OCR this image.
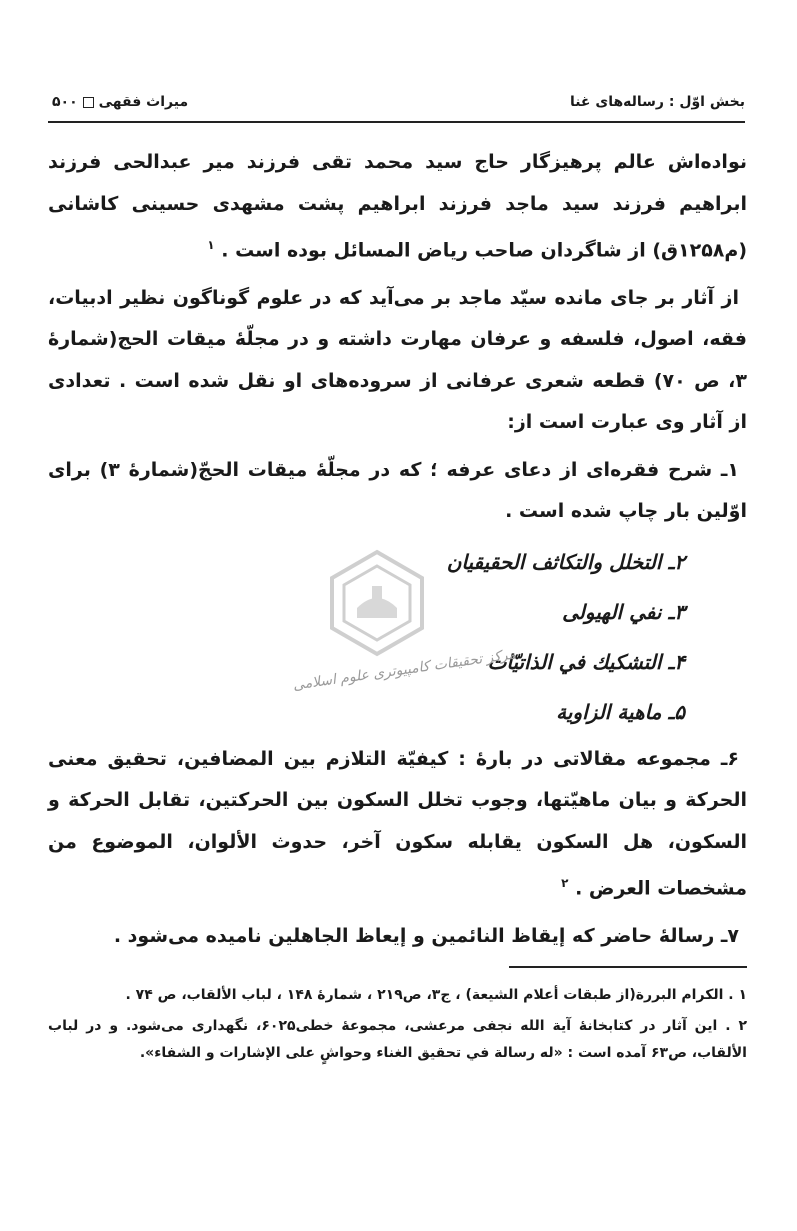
بخش اوّل : رساله‌های غنا
۵۰۰ میراث فقهی

نواده‌اش عالم پرهیزگار حاج سید محمد تقی فرزند میر عبدالحی فرزند ابراهیم فرزند سید ماجد فرزند ابراهیم پشت مشهدی حسینی کاشانی (م۱۲۵۸ق) از شاگردان صاحب ریاض المسائل بوده است . $^۱$

از آثار بر جای مانده سیّد ماجد بر می‌آید که در علوم گوناگون نظیر ادبیات، فقه، اصول، فلسفه و عرفان مهارت داشته و در مجلّهٔ میقات الحج(شمارهٔ ۳، ص ۷۰) قطعه شعری عرفانی از سروده‌های او نقل شده است . تعدادی از آثار وی عبارت است از:

۱ـ شرح فقره‌ای از دعای عرفه ؛ که در مجلّهٔ میقات الحجّ(شمارهٔ ۳) برای اوّلین بار چاپ شده است .

۲ـ التخلل والتكاثف الحقيقيان

۳ـ نفي الهيولى

۴ـ التشكيك في الذاتيّات

۵ـ ماهية الزاوية

۶ـ مجموعه مقالاتی در بارهٔ : كيفيّة التلازم بين المضافين، تحقيق معنى الحركة و بيان ماهيّتها، وجوب تخلل السكون بين الحركتين، تقابل الحركة و السكون، هل السكون يقابله سكون آخر، حدوث الألوان، الموضوع من مشخصات العرض . $^۲$

۷ـ رسالهٔ حاضر که إيقاظ النائمين و إيعاظ الجاهلين نامیده می‌شود .

مرکز تحقیقات کامپیوتری علوم اسلامی

۱ . الكرام البررة(از طبقات أعلام الشيعة) ، ج۳، ص۲۱۹ ، شمارهٔ ۱۴۸ ، لباب الألقاب، ص ۷۴ .

۲ . این آثار در کتابخانهٔ آیة الله نجفی مرعشی، مجموعهٔ خطی۶۰۲۵، نگهداری می‌شود. و در لباب الألقاب، ص۶۳ آمده است : «له رسالة في تحقيق الغناء وحواشٍ على الإشارات و الشفاء».
